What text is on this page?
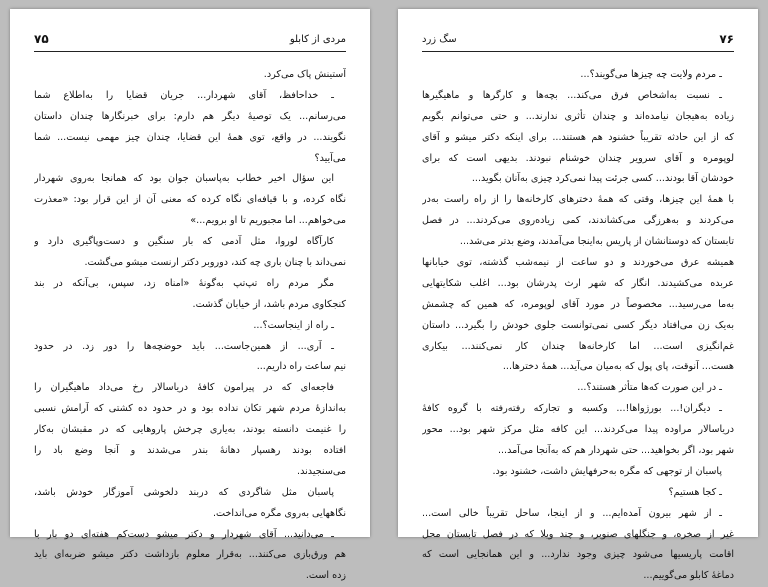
مردی از کابلو
۷۵
آستینش پاک می‌کرد.
ـ خداحافظ، آقای شهردار... جریان قضایا را به‌اطلاع شما
می‌رسانم... یک توصیهٔ دیگر هم دارم: برای خبرنگارها چندان داستان
نگویند... در واقع، توی همهٔ این قضایا، چندان چیز مهمی نیست... شما
می‌آیید؟
این سؤال اخیر خطاب به‌پاسبان جوان بود که همانجا به‌روی شهردار
نگاه کرده، و با قیافه‌ای نگاه کرده که معنی آن از این قرار بود: «معذرت
می‌خواهم... اما مجبوریم تا او برویم...»
کارآگاه لوروا، مثل آدمی که بار سنگین و دست‌وپاگیری دارد و
نمی‌داند با چنان باری چه کند، دوروبر دکتر ارنست میشو می‌گشت.
مگر مردم راه تپ‌تپ به‌گونهٔ «امناه زد، سپس، بی‌آنکه در بند
کنجکاوی مردم باشد، از خیابان گذشت.
ـ راه از اینجاست؟...
ـ آری... از همین‌جاست... باید حوضچه‌ها را دور زد. در حدود
نیم ساعت راه داریم...
فاجعه‌ای که در پیرامون کافهٔ دریاسالار رخ می‌داد ماهیگیران را
به‌اندازهٔ مردم شهر تکان نداده بود و در حدود ده کشتی که آرامش نسبی
را غنیمت دانسته بودند، به‌یاری چرخش پاروهایی که در مقبشان به‌کار
افتاده بودند رهسپار دهانهٔ بندر می‌شدند و آنجا وضع باد را
می‌سنجیدند.
پاسبان مثل شاگردی که دربند دلخوشی آموزگار خودش باشد،
نگاههایی به‌روی مگره می‌انداخت.
ـ می‌دانید... آقای شهردار و دکتر میشو دست‌کم هفته‌ای دو بار با
هم ورق‌بازی می‌کنند... به‌قرار معلوم بازداشت دکتر میشو ضربه‌ای باید
زده است.
سگ زرد	۷۶
ـ مردم ولایت چه چیزها می‌گویند؟...
ـ نسبت به‌اشخاص فرق می‌کند... بچه‌ها و کارگرها و ماهیگیرها
زیاده به‌هیجان نیامده‌اند و چندان تأثری ندارند... و حتی می‌توانم بگویم
که از این حادثه تقریباً خشنود هم هستند... برای اینکه دکتر میشو و آقای
لوپومره و آقای سرویر چندان خوشنام نبودند. بدیهی است که برای
خودشان آقا بودند... کسی جرئت پیدا نمی‌کرد چیزی به‌آنان بگوید...
با همهٔ این چیزها، وقتی که همهٔ دخترهای کارخانه‌ها را از راه راست به‌در
می‌کردند و به‌هرزگی می‌کشاندند، کمی زیاده‌روی می‌کردند... در فصل
تابستان که دوستانشان از پاریس به‌اینجا می‌آمدند، وضع بدتر می‌شد...
همیشه عرق می‌خوردند و دو ساعت از نیمه‌شب گذشته، توی خیابانها
عربده می‌کشیدند. انگار که شهر ارث پدرشان بود... اغلب شکایتهایی
به‌ما می‌رسید... مخصوصاً در مورد آقای لوپومره، که همین که چشمش
به‌یک زن می‌افتاد دیگر کسی نمی‌توانست جلوی خودش را بگیرد... داستان
غم‌انگیزی است... اما کارخانه‌ها چندان کار نمی‌کنند... بیکاری
هست... آنوقت، پای پول که به‌میان می‌آید... همهٔ دخترها...
ـ در این صورت که‌ها متأثر هستند؟...
ـ دیگران!... بورژواها!... وکسبه و تجارکه رفته‌رفته با گروه کافهٔ
دریاسالار مراوده پیدا می‌کردند... این کافه مثل مرکز شهر بود... محور
شهر بود، اگر بخواهید... حتی شهردار هم که به‌آنجا می‌آمد...
پاسبان از توجهی که مگره به‌حرفهایش داشت، خشنود بود.
ـ کجا هستیم؟
ـ از شهر بیرون آمده‌ایم... و از اینجا، ساحل تقریباً خالی است...
غیر از صخره، و جنگلهای صنوبر، و چند ویلا که در فصل تابستان محل
اقامت پاریسیها می‌شود چیزی وجود ندارد... و این همانجایی است که
دماغهٔ کابلو می‌گوییم...
